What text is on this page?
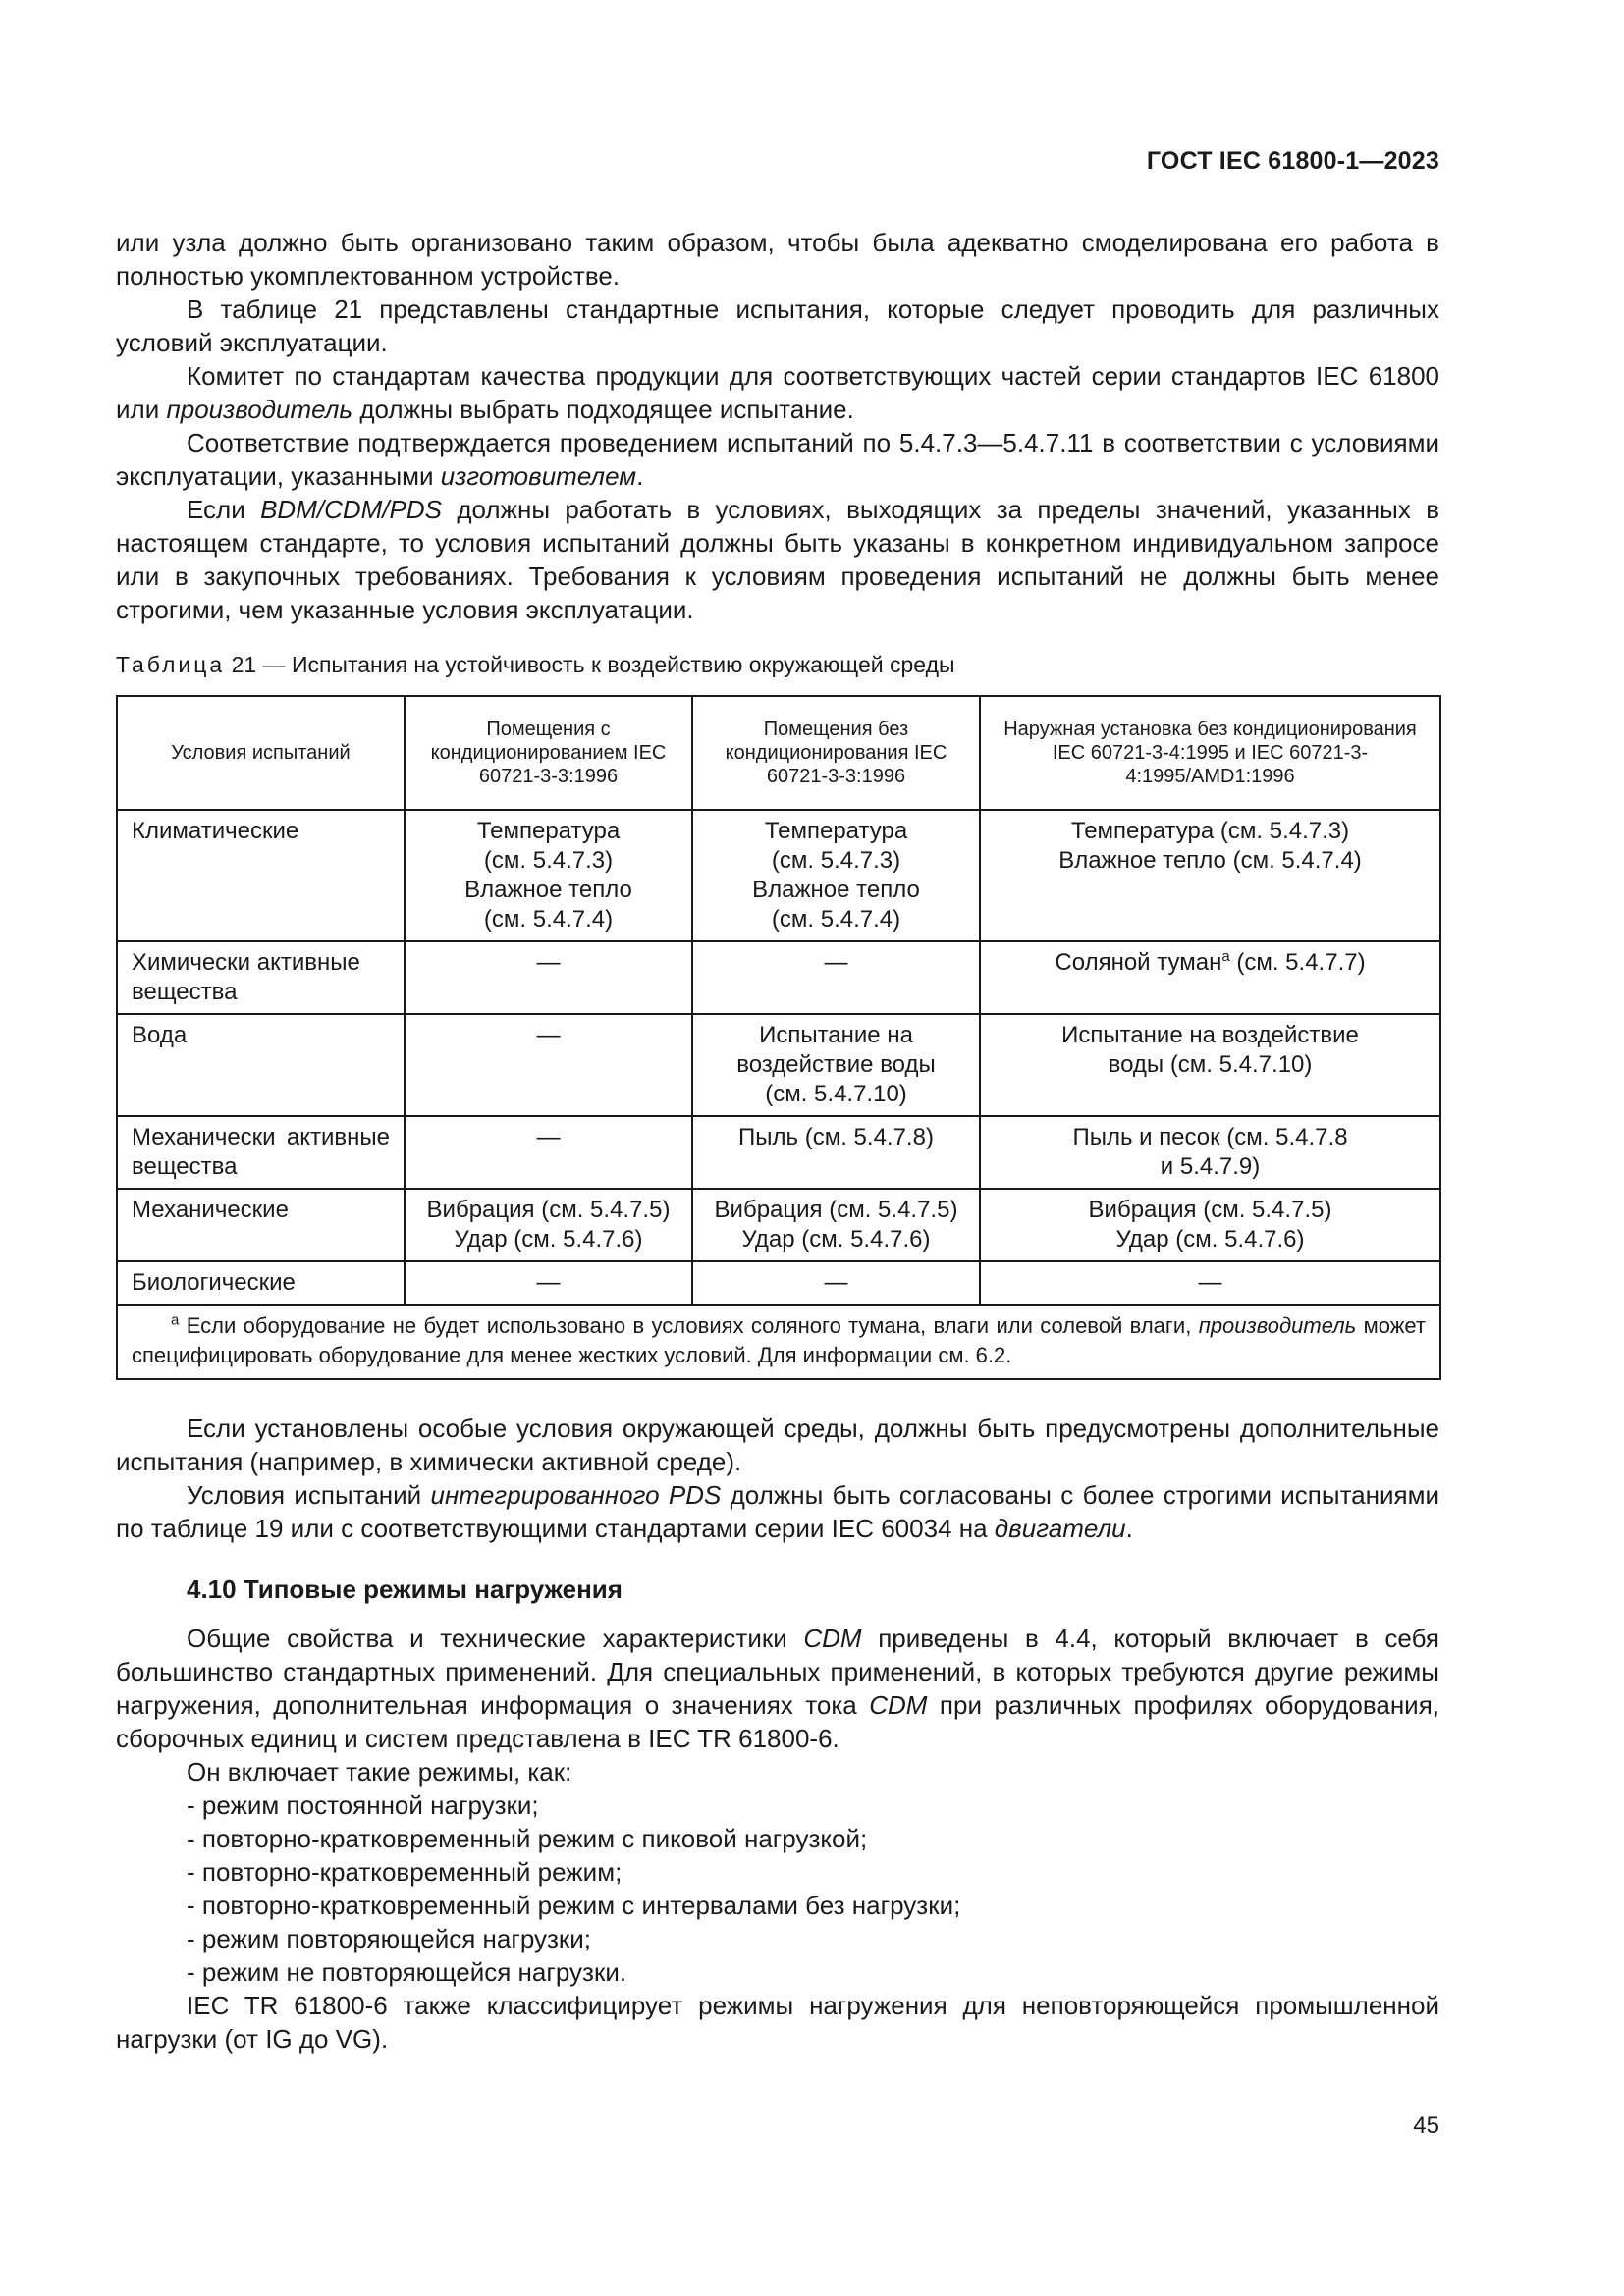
ГОСТ IEC 61800-1—2023

или узла должно быть организовано таким образом, чтобы была адекватно смоделирована его работа в полностью укомплектованном устройстве.

В таблице 21 представлены стандартные испытания, которые следует проводить для различных условий эксплуатации.

Комитет по стандартам качества продукции для соответствующих частей серии стандартов IEC 61800 или производитель должны выбрать подходящее испытание.

Соответствие подтверждается проведением испытаний по 5.4.7.3—5.4.7.11 в соответствии с условиями эксплуатации, указанными изготовителем.

Если BDM/CDM/PDS должны работать в условиях, выходящих за пределы значений, указанных в настоящем стандарте, то условия испытаний должны быть указаны в конкретном индивидуальном запросе или в закупочных требованиях. Требования к условиям проведения испытаний не должны быть менее строгими, чем указанные условия эксплуатации.

Таблица 21 — Испытания на устойчивость к воздействию окружающей среды
Условия испытаний	Помещения с кондиционированием IEC 60721-3-3:1996	Помещения без кондиционирования IEC 60721-3-3:1996	Наружная установка без кондиционирования IEC 60721-3-4:1995 и IEC 60721-3-4:1995/AMD1:1996
Климатические	Температура
(см. 5.4.7.3)
Влажное тепло
(см. 5.4.7.4)	Температура
(см. 5.4.7.3)
Влажное тепло
(см. 5.4.7.4)	Температура (см. 5.4.7.3)
Влажное тепло (см. 5.4.7.4)
Химически активные вещества	—	—	Соляной туман$^a$ (см. 5.4.7.7)
Вода	—	Испытание на
воздействие воды
(см. 5.4.7.10)	Испытание на воздействие
воды (см. 5.4.7.10)
Механически активные вещества	—	Пыль (см. 5.4.7.8)	Пыль и песок (см. 5.4.7.8
и 5.4.7.9)
Механические	Вибрация (см. 5.4.7.5)
Удар (см. 5.4.7.6)	Вибрация (см. 5.4.7.5)
Удар (см. 5.4.7.6)	Вибрация (см. 5.4.7.5)
Удар (см. 5.4.7.6)
Биологические	—	—	—
$^a$ Если оборудование не будет использовано в условиях соляного тумана, влаги или солевой влаги, производитель может специфицировать оборудование для менее жестких условий. Для информации см. 6.2.			

Если установлены особые условия окружающей среды, должны быть предусмотрены дополнительные испытания (например, в химически активной среде).

Условия испытаний интегрированного PDS должны быть согласованы с более строгими испытаниями по таблице 19 или с соответствующими стандартами серии IEC 60034 на двигатели.

4.10 Типовые режимы нагружения

Общие свойства и технические характеристики CDM приведены в 4.4, который включает в себя большинство стандартных применений. Для специальных применений, в которых требуются другие режимы нагружения, дополнительная информация о значениях тока CDM при различных профилях оборудования, сборочных единиц и систем представлена в IEC TR 61800-6.

Он включает такие режимы, как:
- режим постоянной нагрузки;
- повторно-кратковременный режим с пиковой нагрузкой;
- повторно-кратковременный режим;
- повторно-кратковременный режим с интервалами без нагрузки;
- режим повторяющейся нагрузки;
- режим не повторяющейся нагрузки.

IEC TR 61800-6 также классифицирует режимы нагружения для неповторяющейся промышленной нагрузки (от IG до VG).

45
